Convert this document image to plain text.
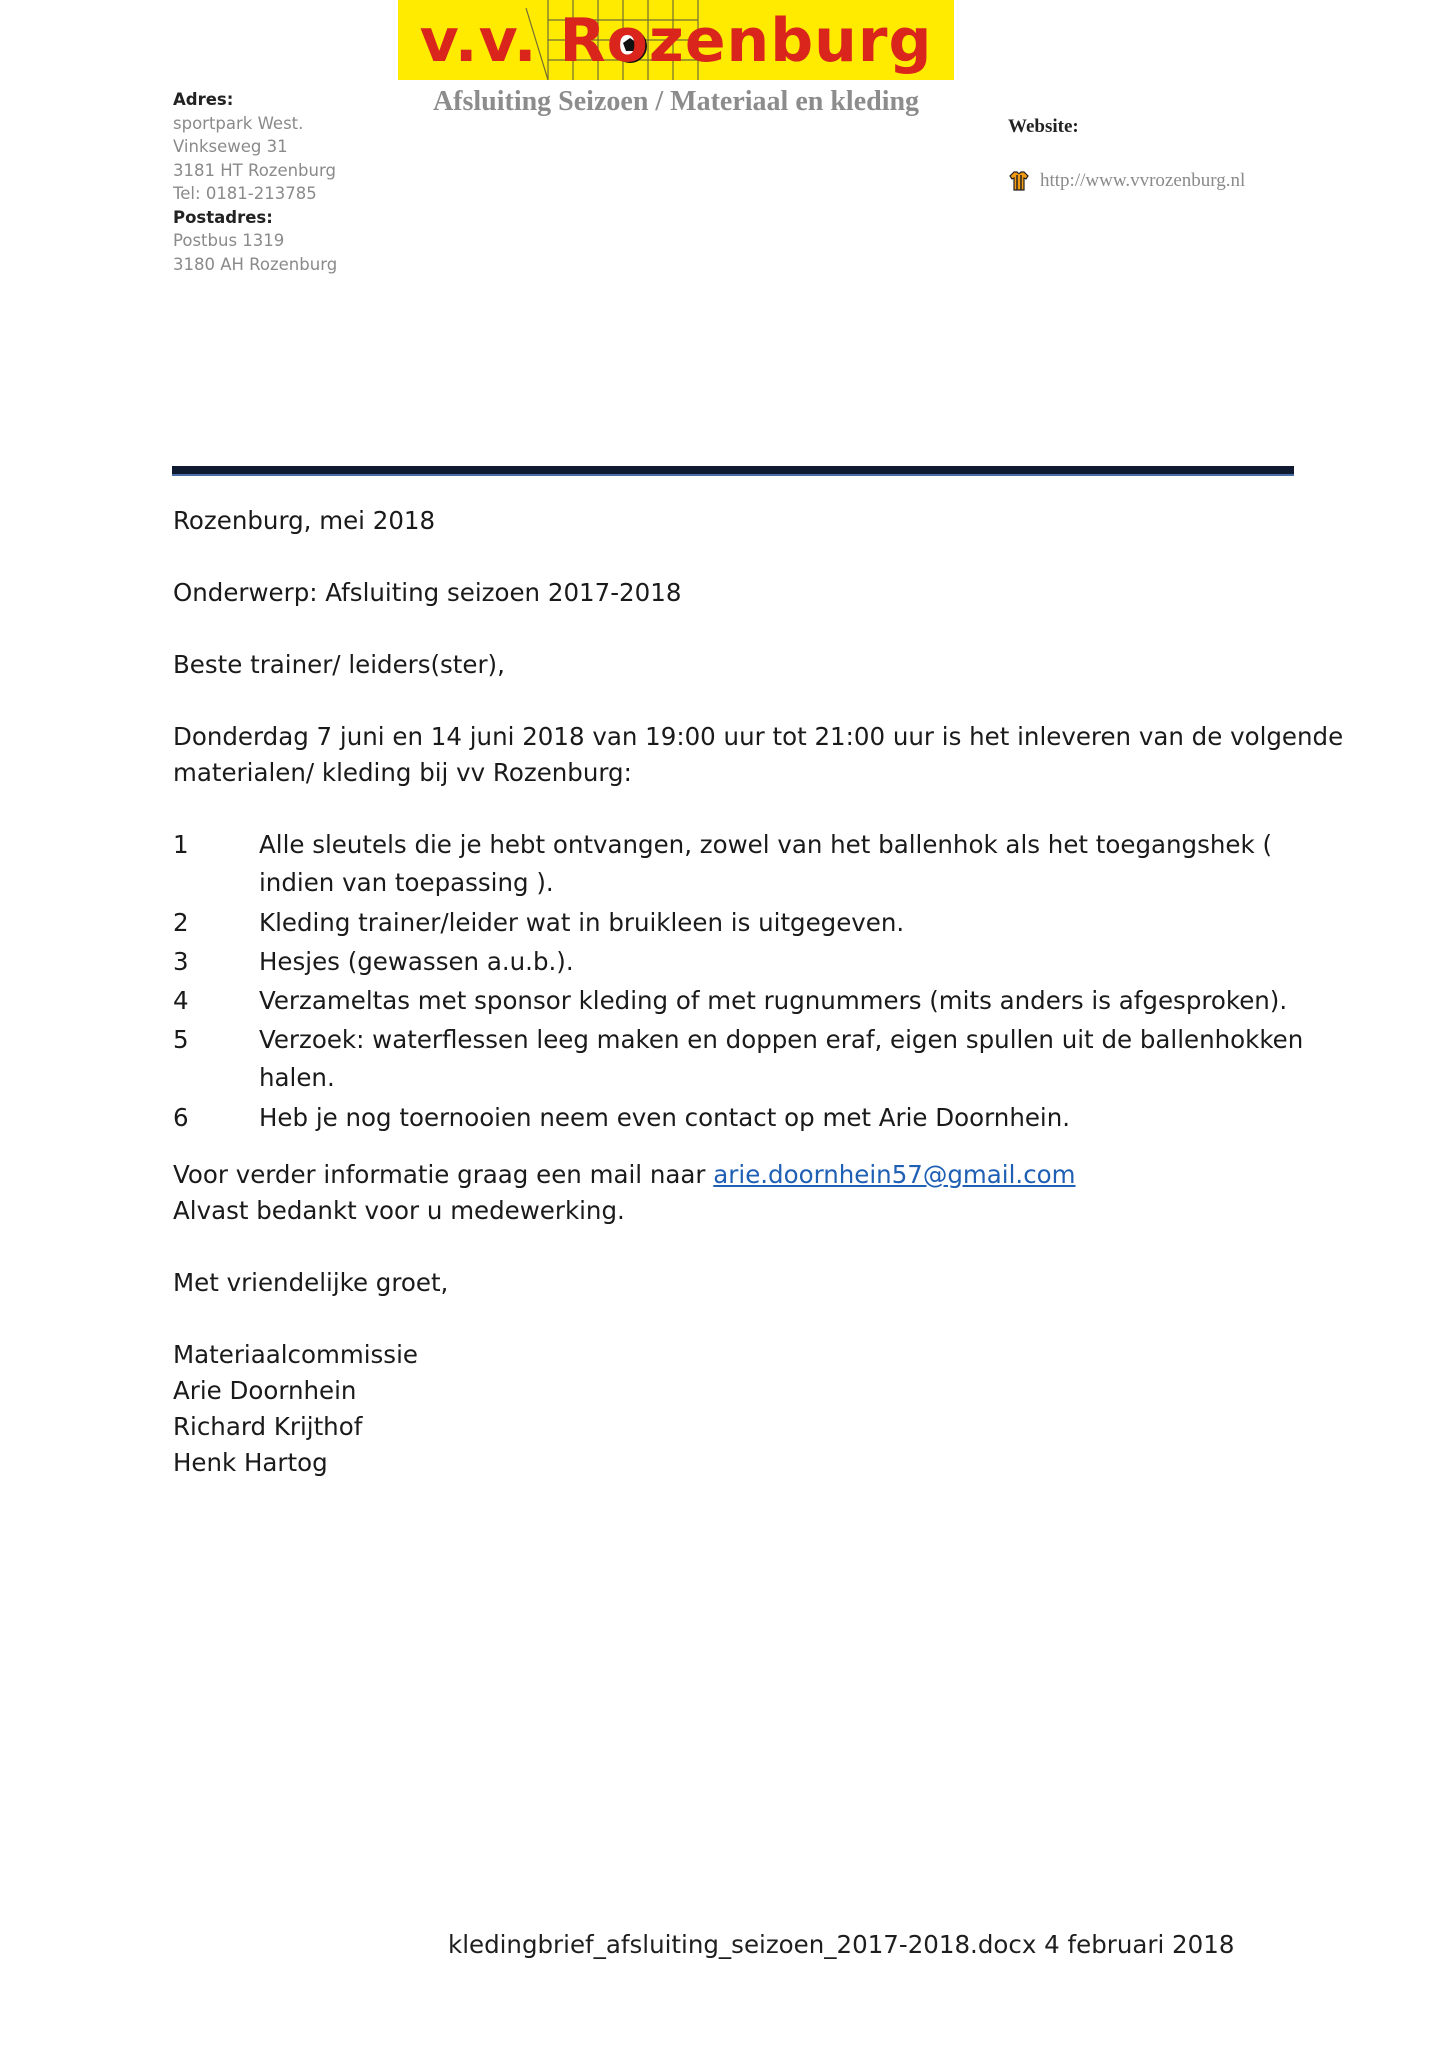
v.v. Rozenburg
Afsluiting Seizoen / Materiaal en kleding
Adres:
sportpark West.
Vinkseweg 31
3181 HT Rozenburg
Tel: 0181-213785
Postadres:
Postbus 1319
3180 AH Rozenburg
Website:
http://www.vvrozenburg.nl
Rozenburg, mei 2018
Onderwerp: Afsluiting seizoen 2017-2018
Beste trainer/ leiders(ster),
Donderdag 7 juni en 14 juni 2018 van 19:00 uur tot 21:00 uur is het inleveren van de volgende
materialen/ kleding bij vv Rozenburg:
1	Alle sleutels die je hebt ontvangen, zowel van het ballenhok als het toegangshek ( indien van toepassing ).
2	Kleding trainer/leider wat in bruikleen is uitgegeven.
3	Hesjes (gewassen a.u.b.).
4	Verzameltas met sponsor kleding of met rugnummers (mits anders is afgesproken).
5	Verzoek: waterflessen leeg maken en doppen eraf, eigen spullen uit de ballenhokken halen.
6	Heb je nog toernooien neem even contact op met Arie Doornhein.
Voor verder informatie graag een mail naar arie.doornhein57@gmail.com
Alvast bedankt voor u medewerking.
Met vriendelijke groet,
Materiaalcommissie
Arie Doornhein
Richard Krijthof
Henk Hartog
kledingbrief_afsluiting_seizoen_2017-2018.docx 4 februari 2018
